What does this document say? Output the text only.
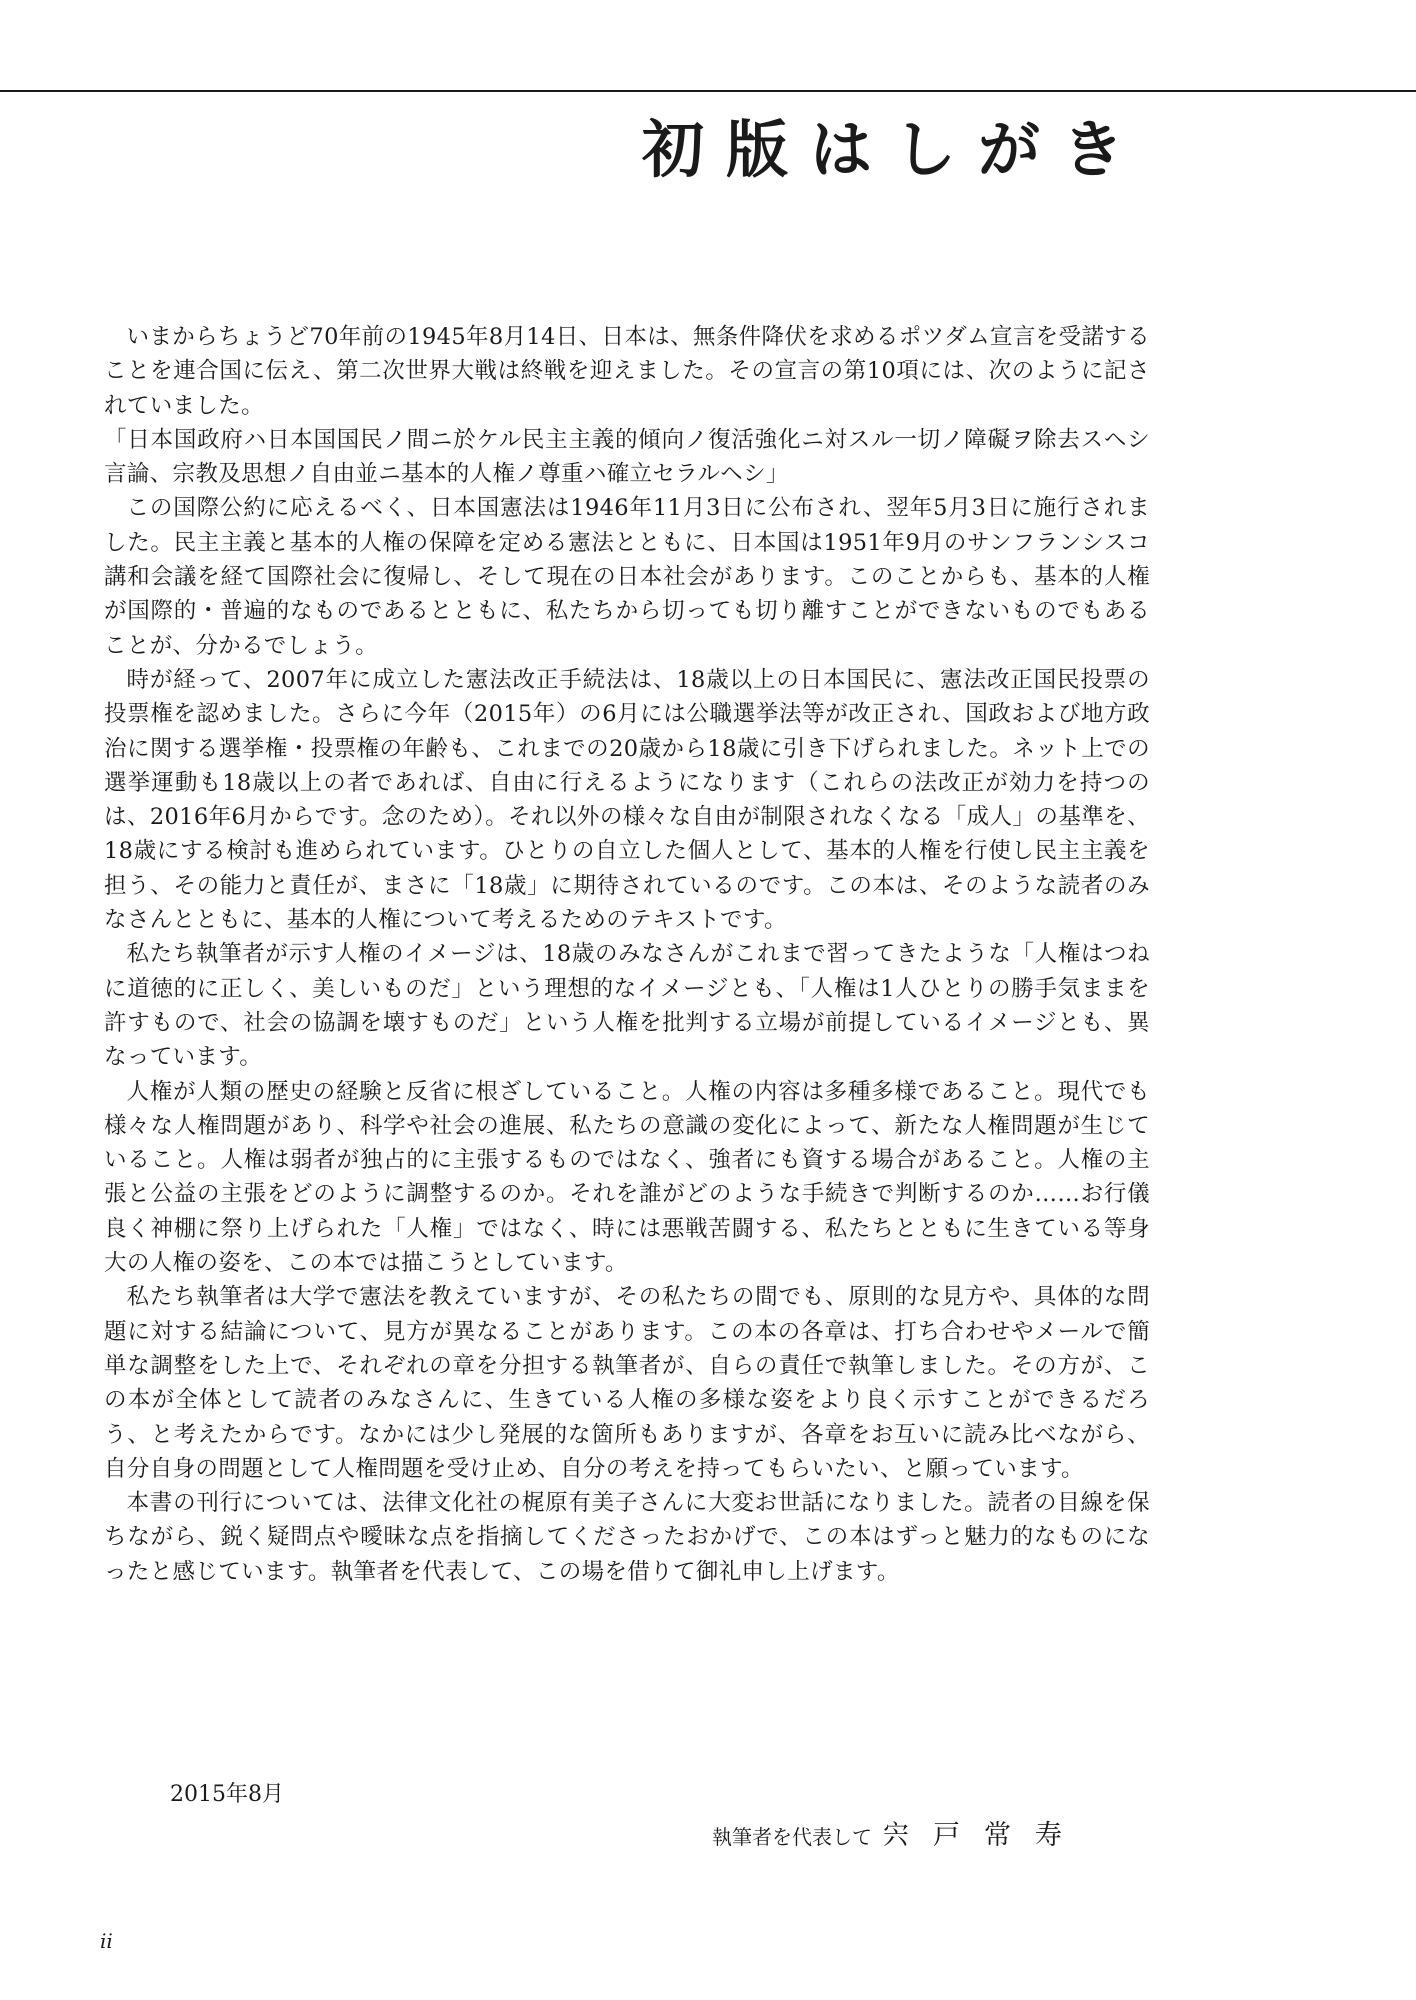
初版はしがき

いまからちょうど70年前の1945年8月14日、日本は、無条件降伏を求めるポツダム宣言を受諾することを連合国に伝え、第二次世界大戦は終戦を迎えました。その宣言の第10項には、次のように記されていました。

「日本国政府ハ日本国国民ノ間ニ於ケル民主主義的傾向ノ復活強化ニ対スル一切ノ障礙ヲ除去スヘシ言論、宗教及思想ノ自由並ニ基本的人権ノ尊重ハ確立セラルヘシ」

この国際公約に応えるべく、日本国憲法は1946年11月3日に公布され、翌年5月3日に施行されました。民主主義と基本的人権の保障を定める憲法とともに、日本国は1951年9月のサンフランシスコ講和会議を経て国際社会に復帰し、そして現在の日本社会があります。このことからも、基本的人権が国際的・普遍的なものであるとともに、私たちから切っても切り離すことができないものでもあることが、分かるでしょう。

時が経って、2007年に成立した憲法改正手続法は、18歳以上の日本国民に、憲法改正国民投票の投票権を認めました。さらに今年（2015年）の6月には公職選挙法等が改正され、国政および地方政治に関する選挙権・投票権の年齢も、これまでの20歳から18歳に引き下げられました。ネット上での選挙運動も18歳以上の者であれば、自由に行えるようになります（これらの法改正が効力を持つのは、2016年6月からです。念のため）。それ以外の様々な自由が制限されなくなる「成人」の基準を、18歳にする検討も進められています。ひとりの自立した個人として、基本的人権を行使し民主主義を担う、その能力と責任が、まさに「18歳」に期待されているのです。この本は、そのような読者のみなさんとともに、基本的人権について考えるためのテキストです。

私たち執筆者が示す人権のイメージは、18歳のみなさんがこれまで習ってきたような「人権はつねに道徳的に正しく、美しいものだ」という理想的なイメージとも、「人権は1人ひとりの勝手気ままを許すもので、社会の協調を壊すものだ」という人権を批判する立場が前提しているイメージとも、異なっています。

人権が人類の歴史の経験と反省に根ざしていること。人権の内容は多種多様であること。現代でも様々な人権問題があり、科学や社会の進展、私たちの意識の変化によって、新たな人権問題が生じていること。人権は弱者が独占的に主張するものではなく、強者にも資する場合があること。人権の主張と公益の主張をどのように調整するのか。それを誰がどのような手続きで判断するのか……お行儀良く神棚に祭り上げられた「人権」ではなく、時には悪戦苦闘する、私たちとともに生きている等身大の人権の姿を、この本では描こうとしています。

私たち執筆者は大学で憲法を教えていますが、その私たちの間でも、原則的な見方や、具体的な問題に対する結論について、見方が異なることがあります。この本の各章は、打ち合わせやメールで簡単な調整をした上で、それぞれの章を分担する執筆者が、自らの責任で執筆しました。その方が、この本が全体として読者のみなさんに、生きている人権の多様な姿をより良く示すことができるだろう、と考えたからです。なかには少し発展的な箇所もありますが、各章をお互いに読み比べながら、自分自身の問題として人権問題を受け止め、自分の考えを持ってもらいたい、と願っています。

本書の刊行については、法律文化社の梶原有美子さんに大変お世話になりました。読者の目線を保ちながら、鋭く疑問点や曖昧な点を指摘してくださったおかげで、この本はずっと魅力的なものになったと感じています。執筆者を代表して、この場を借りて御礼申し上げます。

2015年8月
執筆者を代表して 宍戸常寿
ii
